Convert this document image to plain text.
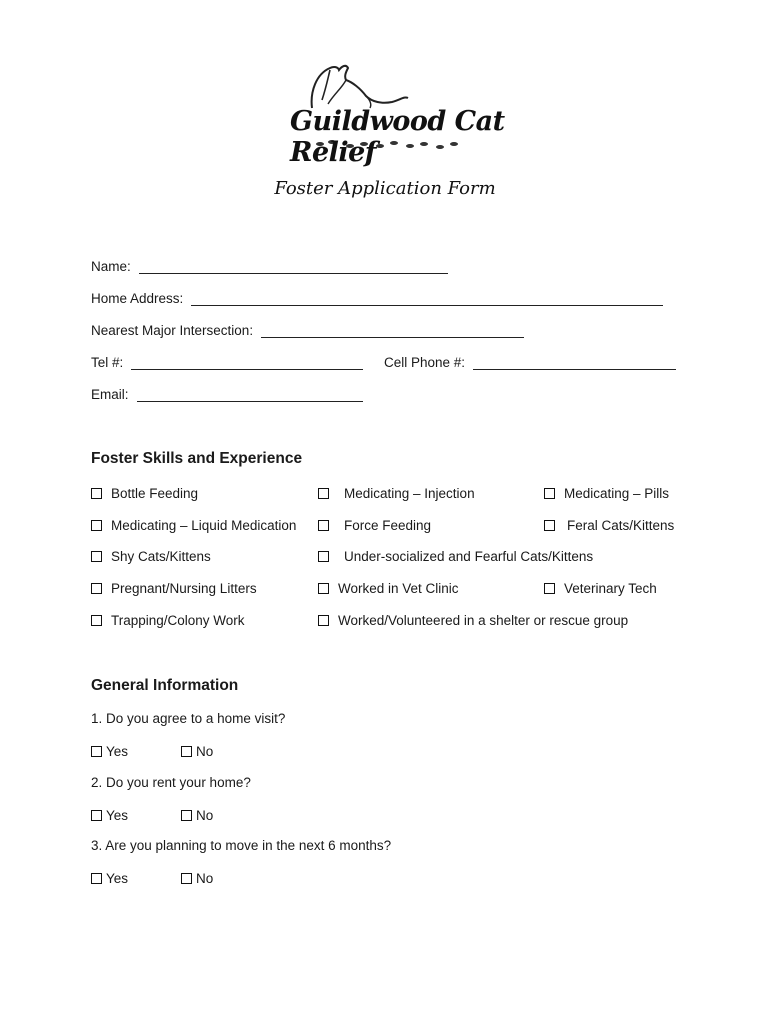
Guildwood Cat Relief
Foster Application Form
Name:
Home Address:
Nearest Major Intersection:
Tel #:	Cell Phone #:
Email:
Foster Skills and Experience
Bottle Feeding	Medicating – Injection	Medicating – Pills
Medicating – Liquid Medication	Force Feeding	Feral Cats/Kittens
Shy Cats/Kittens	Under-socialized and Fearful Cats/Kittens
Pregnant/Nursing Litters	Worked in Vet Clinic	Veterinary Tech
Trapping/Colony Work	Worked/Volunteered in a shelter or rescue group
General Information
1. Do you agree to a home visit?
Yes	No
2. Do you rent your home?
Yes	No
3. Are you planning to move in the next 6 months?
Yes	No
